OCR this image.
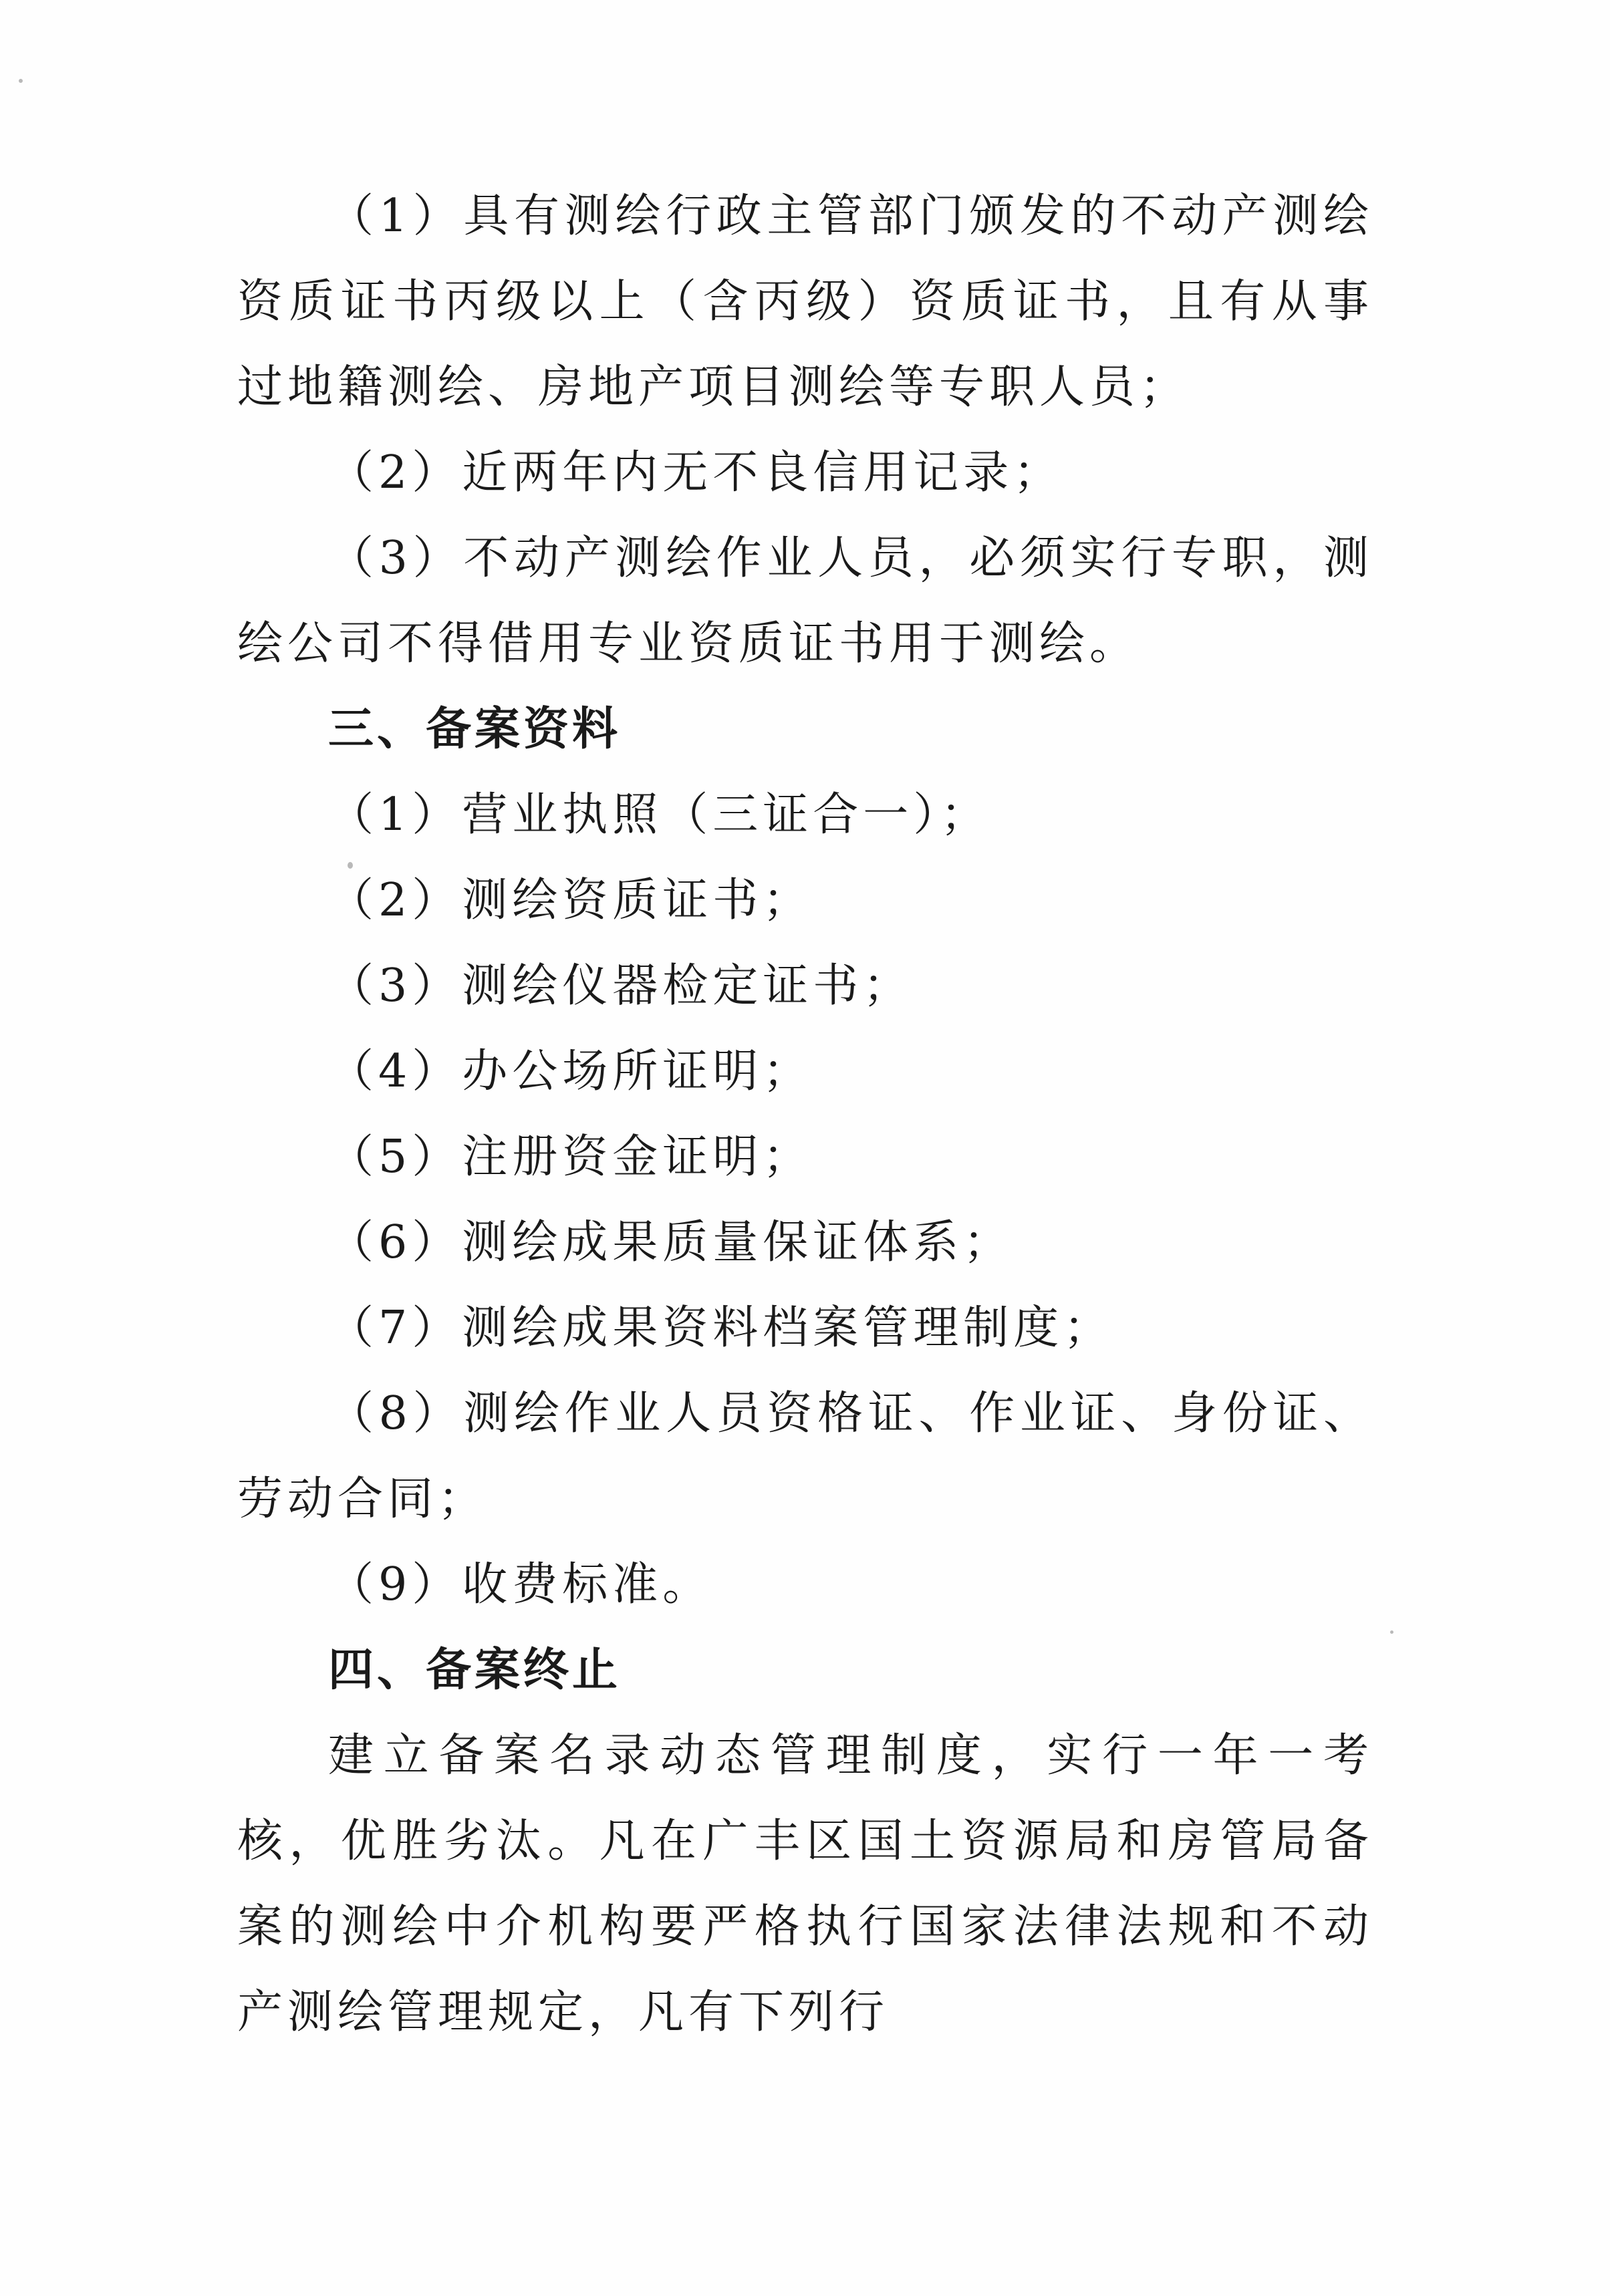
（1）具有测绘行政主管部门颁发的不动产测绘资质证书丙级以上（含丙级）资质证书，且有从事过地籍测绘、房地产项目测绘等专职人员；

（2）近两年内无不良信用记录；

（3）不动产测绘作业人员，必须实行专职，测绘公司不得借用专业资质证书用于测绘。

三、备案资料

（1）营业执照（三证合一）；

（2）测绘资质证书；

（3）测绘仪器检定证书；

（4）办公场所证明；

（5）注册资金证明；

（6）测绘成果质量保证体系；

（7）测绘成果资料档案管理制度；

（8）测绘作业人员资格证、作业证、身份证、劳动合同；

（9）收费标准。

四、备案终止

建立备案名录动态管理制度，实行一年一考核，优胜劣汰。凡在广丰区国土资源局和房管局备案的测绘中介机构要严格执行国家法律法规和不动产测绘管理规定，凡有下列行
